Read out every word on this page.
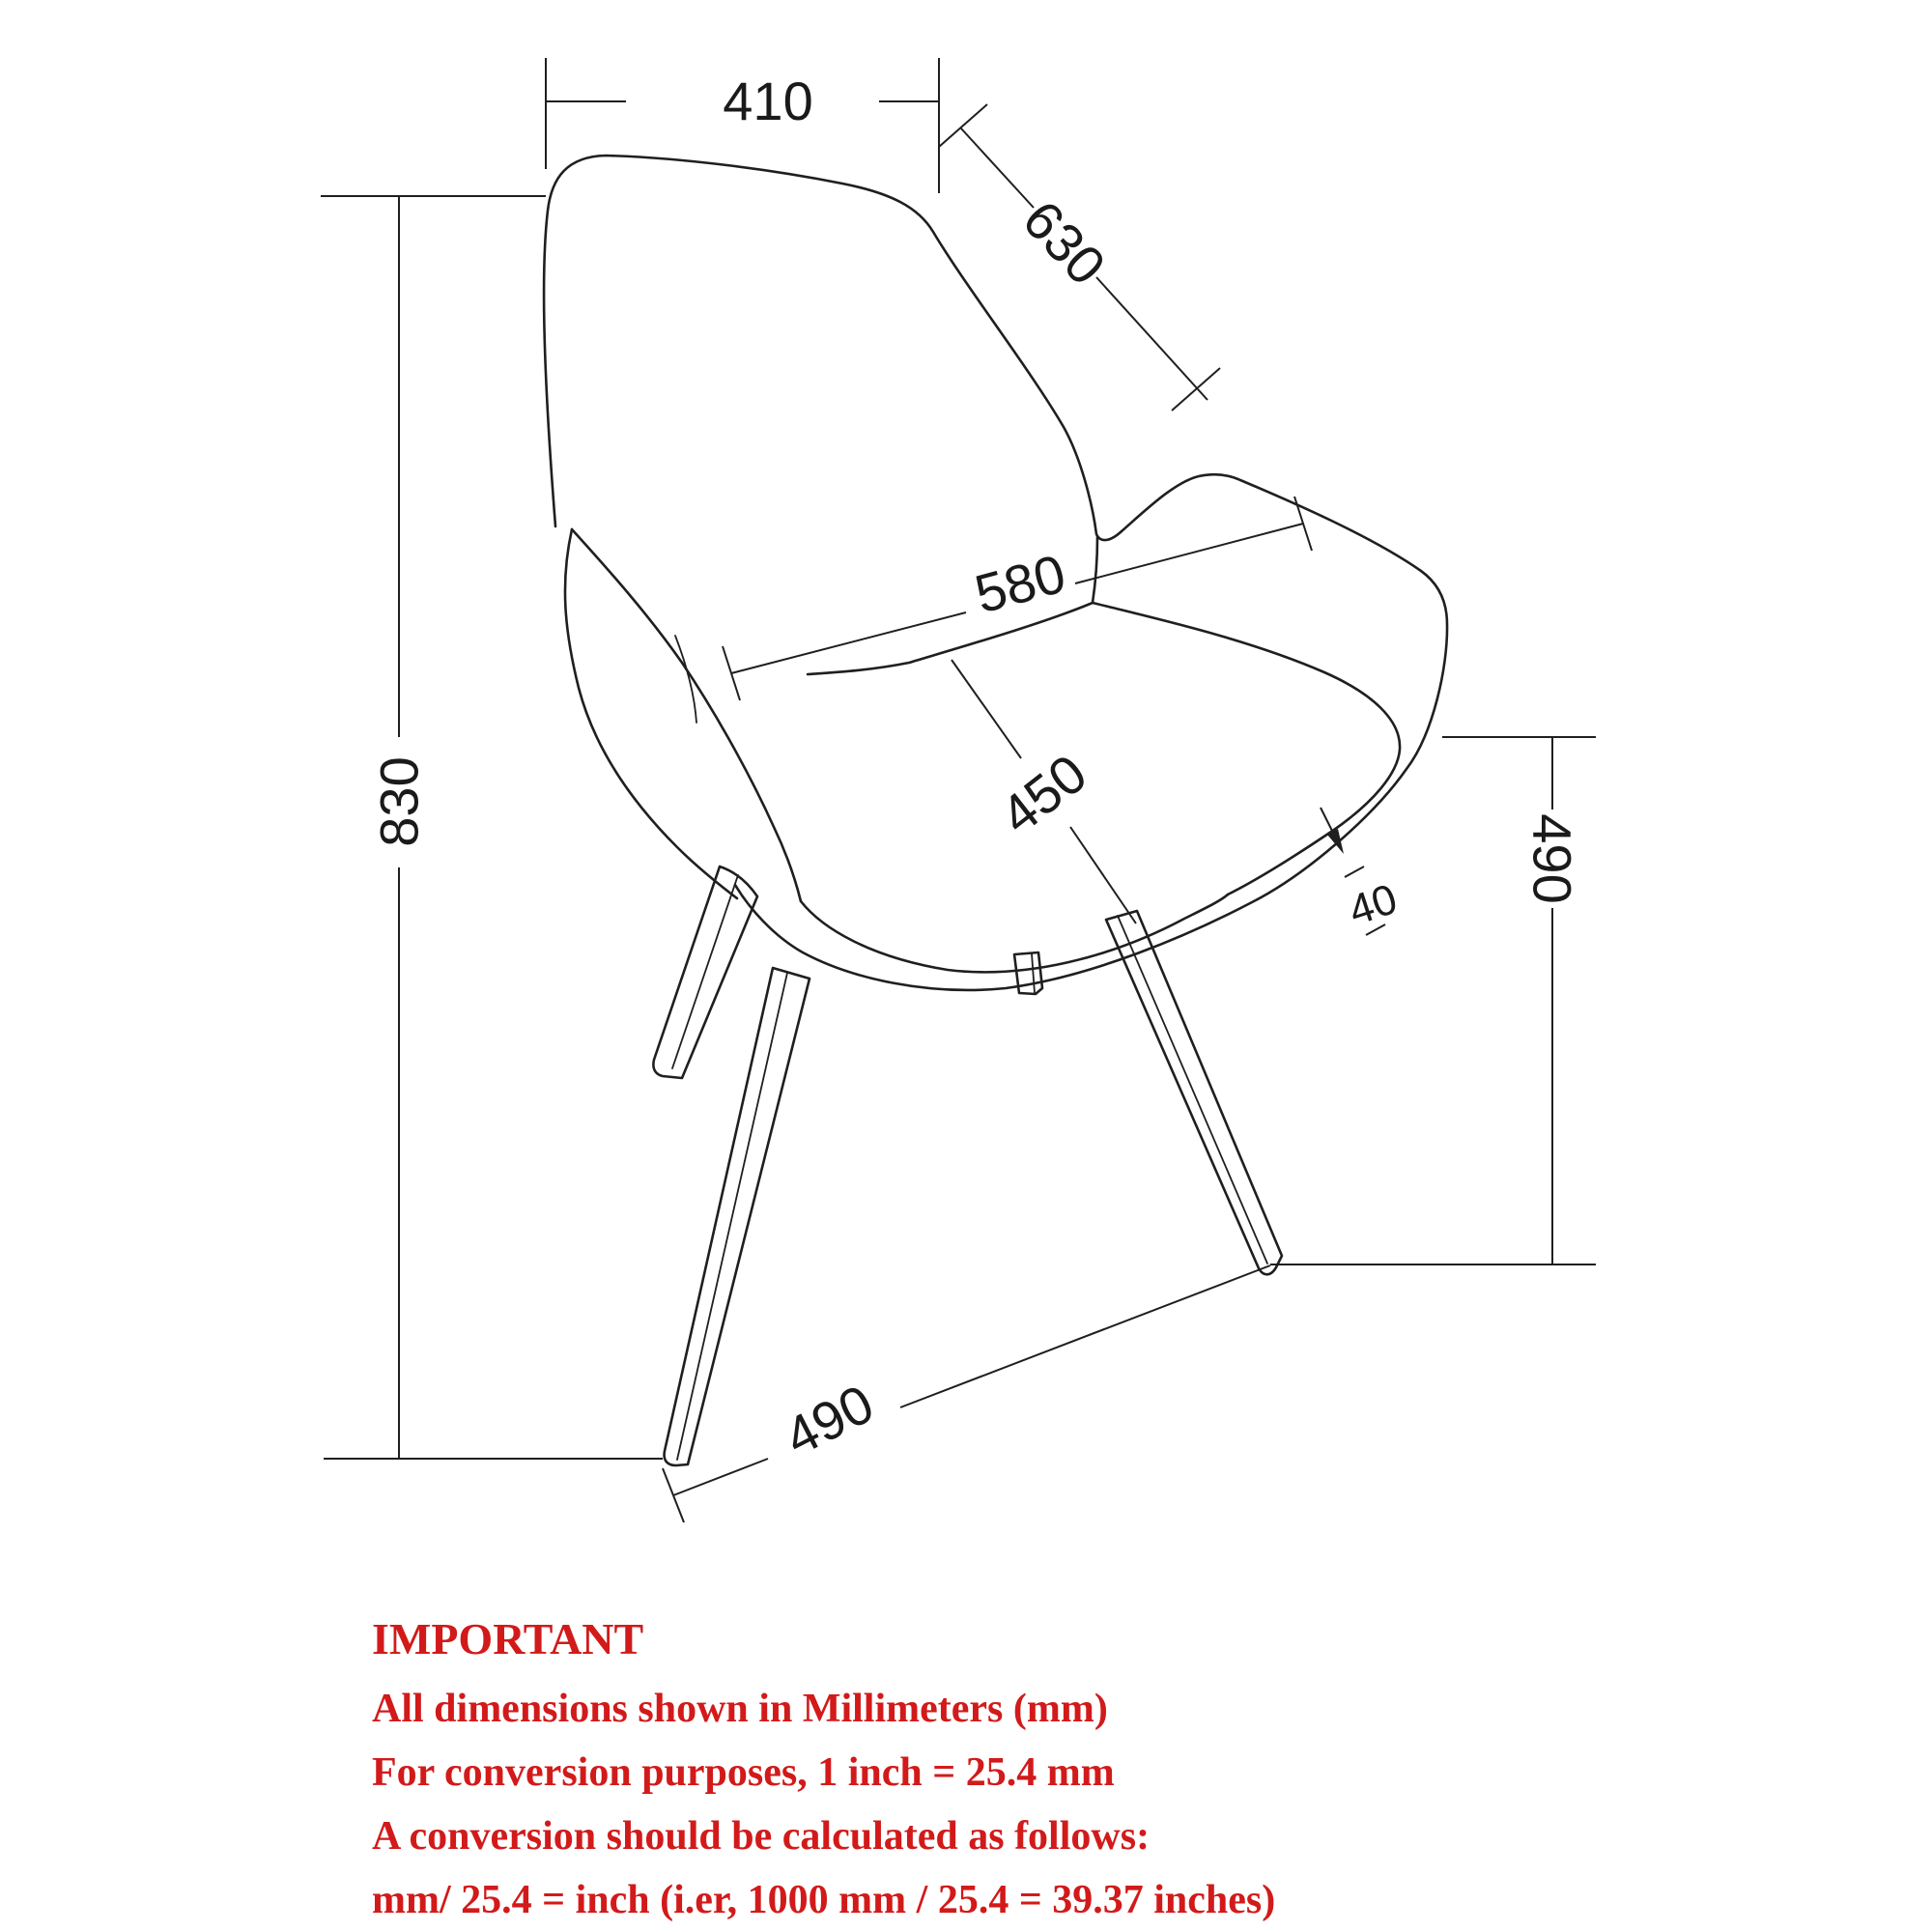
410
630
830
580
450
40
490
490
IMPORTANT
All dimensions shown in Millimeters (mm)
For conversion purposes, 1 inch = 25.4 mm
A conversion should be calculated as follows:
mm/ 25.4 = inch (i.er, 1000 mm / 25.4 = 39.37 inches)
